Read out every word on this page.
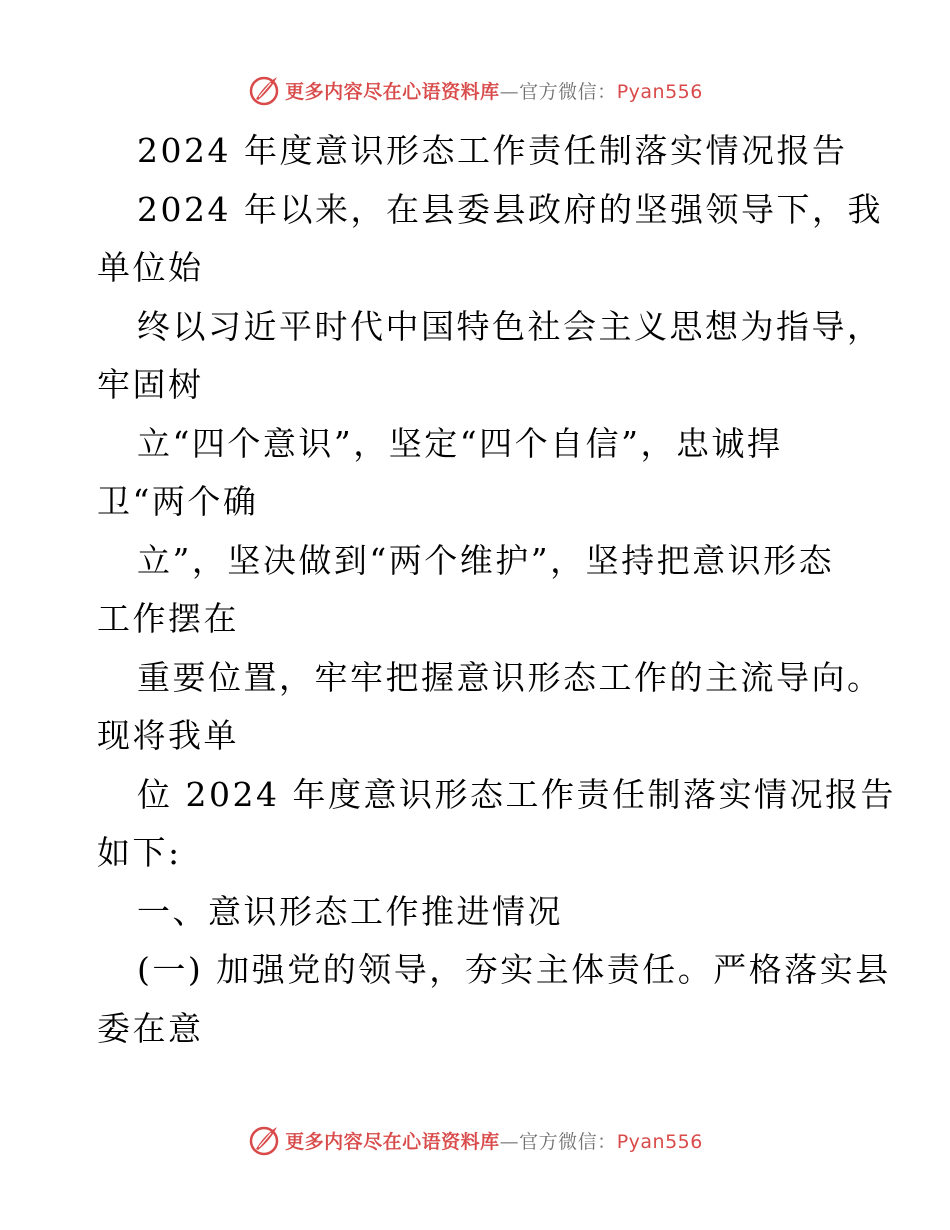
更多内容尽在心语资料库—官方微信：Pyan556
2024 年度意识形态工作责任制落实情况报告
2024 年以来，在县委县政府的坚强领导下，我
单位始
终以习近平时代中国特色社会主义思想为指导，
牢固树
立“四个意识”，坚定“四个自信”，忠诚捍
卫“两个确
立”，坚决做到“两个维护”，坚持把意识形态
工作摆在
重要位置，牢牢把握意识形态工作的主流导向。
现将我单
位 2024 年度意识形态工作责任制落实情况报告
如下:
一、意识形态工作推进情况
(一) 加强党的领导，夯实主体责任。严格落实县
委在意
更多内容尽在心语资料库—官方微信：Pyan556
